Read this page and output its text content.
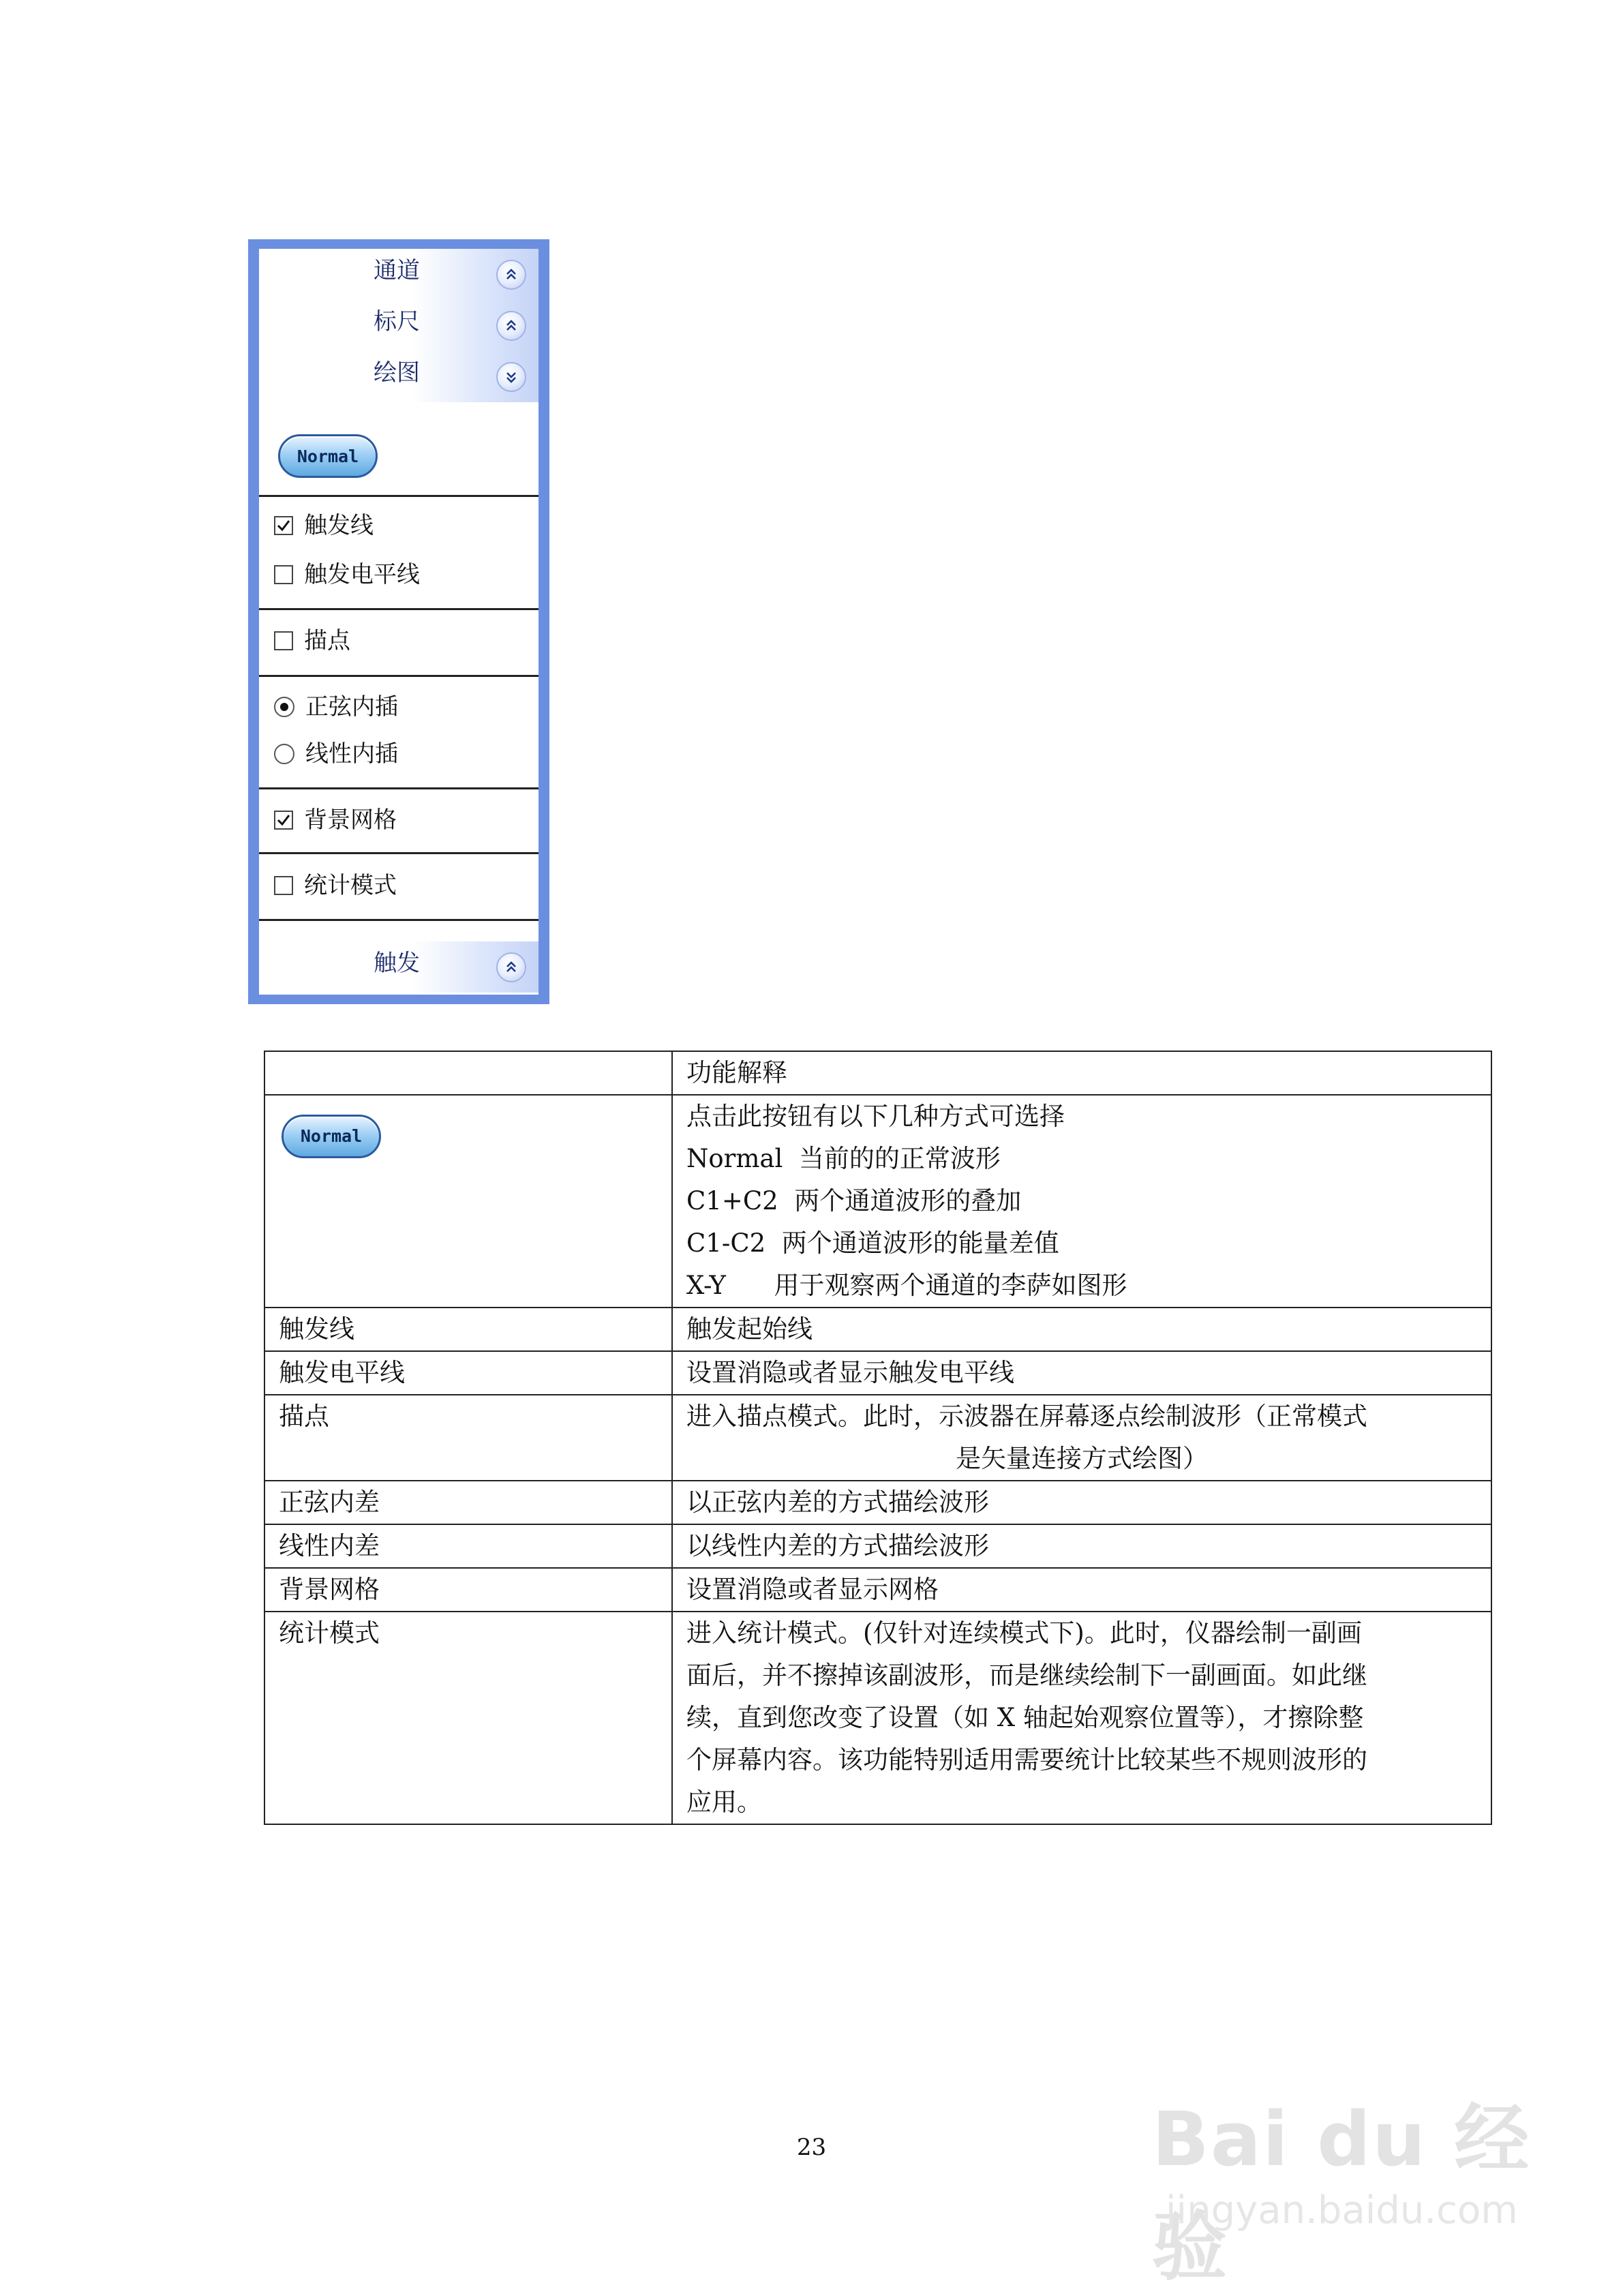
通道
标尺
绘图
Normal
触发线
触发电平线
描点
正弦内插
线性内插
背景网格
统计模式
触发
	功能解释

Normal	点击此按钮有以下几种方式可选择
Normal  当前的的正常波形
C1+C2  两个通道波形的叠加
C1-C2  两个通道波形的能量差值
X-Y      用于观察两个通道的李萨如图形

触发线	触发起始线
触发电平线	设置消隐或者显示触发电平线
描点	进入描点模式。此时，示波器在屏幕逐点绘制波形（正常模式
是矢量连接方式绘图）

正弦内差	以正弦内差的方式描绘波形
线性内差	以线性内差的方式描绘波形
背景网格	设置消隐或者显示网格
统计模式	进入统计模式。(仅针对连续模式下)。此时，仪器绘制一副画
面后，并不擦掉该副波形，而是继续绘制下一副画面。如此继
续，直到您改变了设置（如 X 轴起始观察位置等），才擦除整
个屏幕内容。该功能特别适用需要统计比较某些不规则波形的
应用。
23	Bai du 经验
jingyan.baidu.com
